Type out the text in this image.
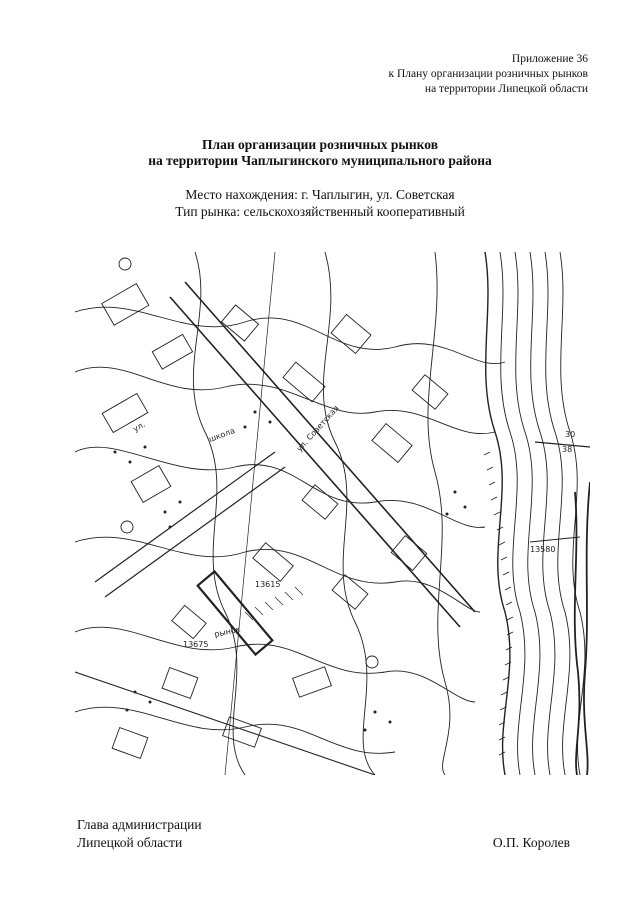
Приложение 36
к Плану организации розничных рынков
на территории Липецкой области
План организации розничных рынков
на территории Чаплыгинского муниципального района
Место нахождения: г. Чаплыгин, ул. Советская
Тип рынка: сельскохозяйственный кооперативный
рынок
школа	ул. Советская
13615
13675
13580
30
38
ул.
Глава администрации
Липецкой области	О.П. Королев
